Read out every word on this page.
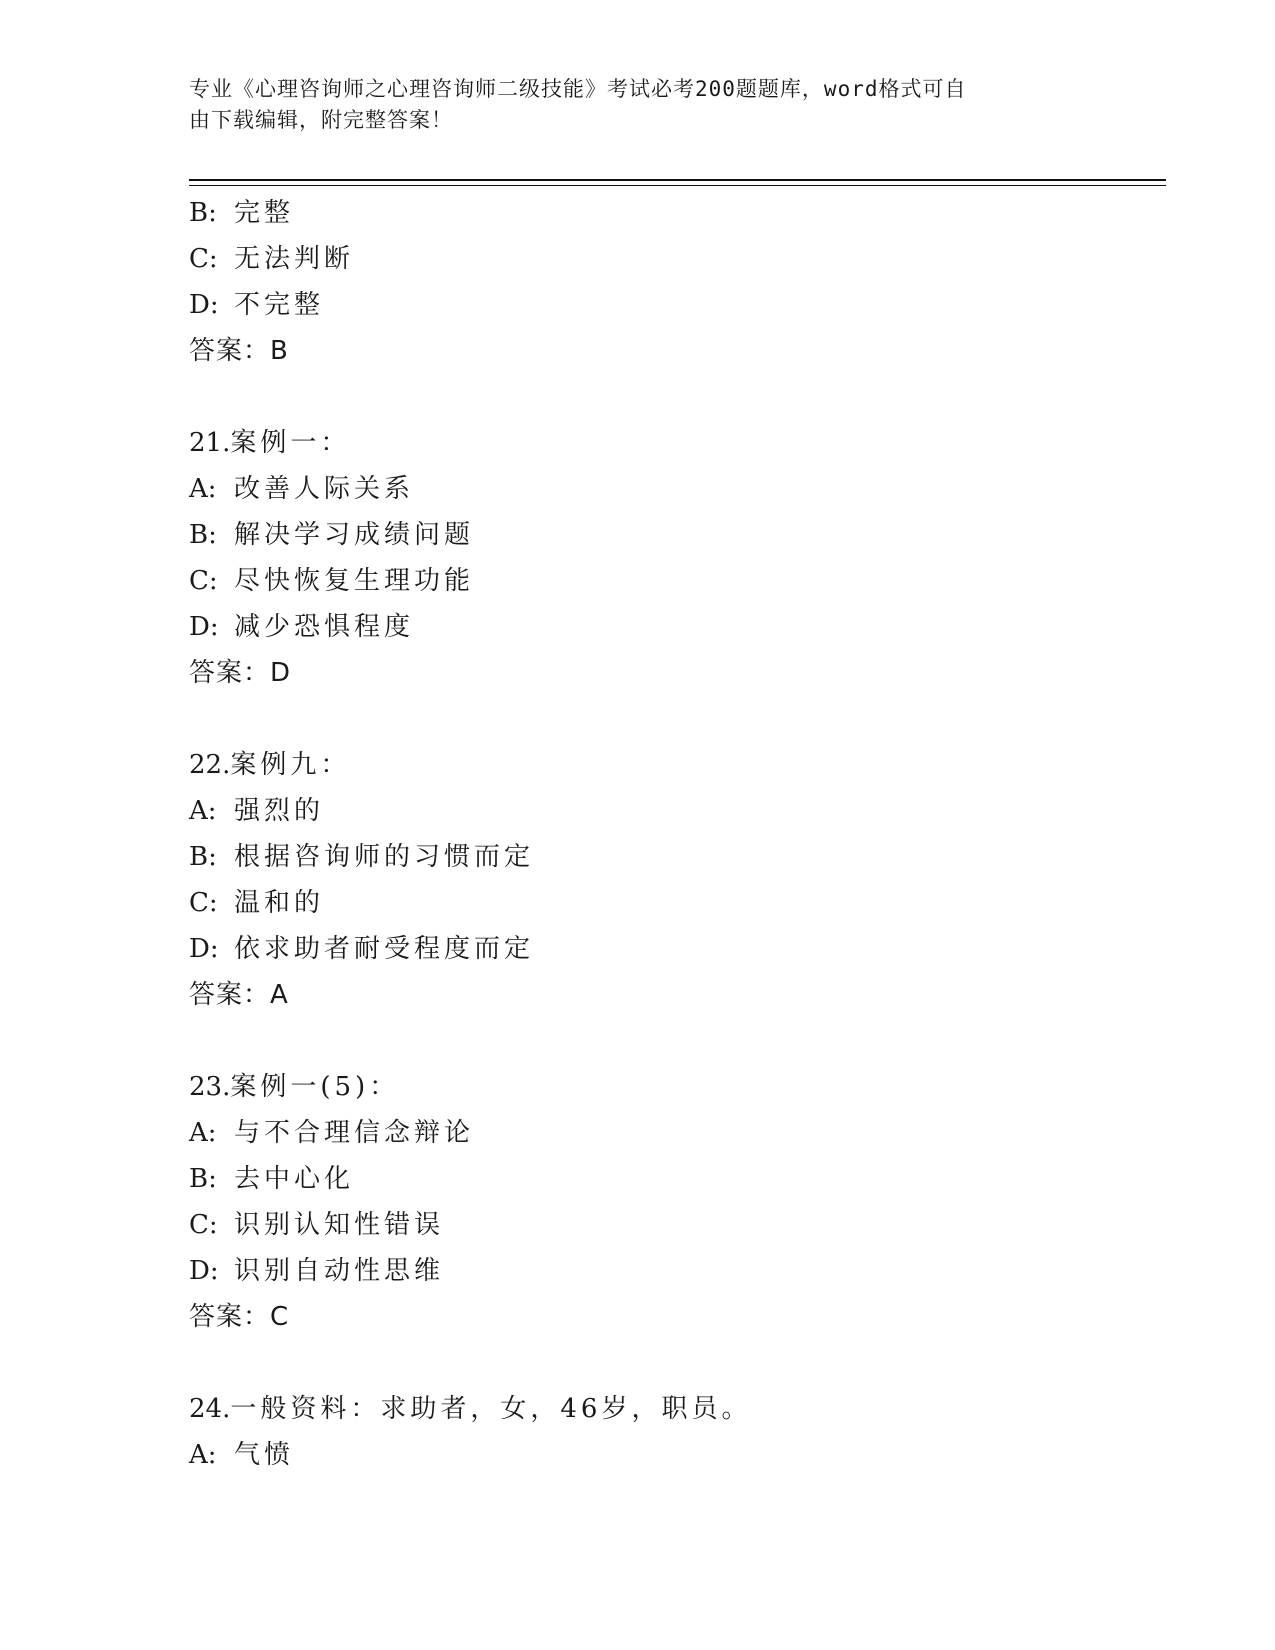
专业《心理咨询师之心理咨询师二级技能》考试必考200题题库，word格式可自
由下载编辑，附完整答案！
B: 完整
C: 无法判断
D: 不完整
答案：B
21.案例一：
A: 改善人际关系
B: 解决学习成绩问题
C: 尽快恢复生理功能
D: 减少恐惧程度
答案：D
22.案例九：
A: 强烈的
B: 根据咨询师的习惯而定
C: 温和的
D: 依求助者耐受程度而定
答案：A
23.案例一(5)：
A: 与不合理信念辩论
B: 去中心化
C: 识别认知性错误
D: 识别自动性思维
答案：C
24.一般资料：求助者，女，46岁，职员。
A: 气愤
